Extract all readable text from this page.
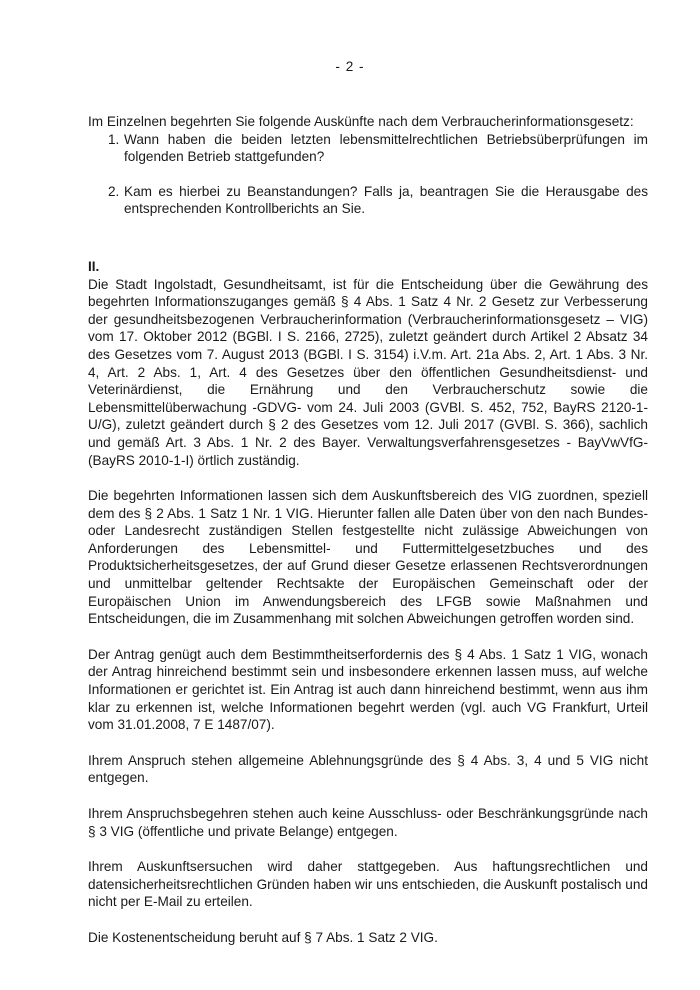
- 2 -

Im Einzelnen begehrten Sie folgende Auskünfte nach dem Verbraucherinformationsgesetz:

1. Wann haben die beiden letzten lebensmittelrechtlichen Betriebsüberprüfungen im folgenden Betrieb stattgefunden?
2. Kam es hierbei zu Beanstandungen? Falls ja, beantragen Sie die Herausgabe des entsprechenden Kontrollberichts an Sie.
II.

Die Stadt Ingolstadt, Gesundheitsamt, ist für die Entscheidung über die Gewährung des begehrten Informationszuganges gemäß § 4 Abs. 1 Satz 4 Nr. 2 Gesetz zur Verbesserung der gesundheitsbezogenen Verbraucherinformation (Verbraucherinformationsgesetz – VIG) vom 17. Oktober 2012 (BGBl. I S. 2166, 2725), zuletzt geändert durch Artikel 2 Absatz 34 des Gesetzes vom 7. August 2013 (BGBl. I S. 3154) i.V.m. Art. 21a Abs. 2, Art. 1 Abs. 3 Nr. 4, Art. 2 Abs. 1, Art. 4 des Gesetzes über den öffentlichen Gesundheitsdienst- und Veterinärdienst, die Ernährung und den Verbraucherschutz sowie die Lebensmittelüberwachung -GDVG- vom 24. Juli 2003 (GVBl. S. 452, 752, BayRS 2120-1-U/G), zuletzt geändert durch § 2 des Gesetzes vom 12. Juli 2017 (GVBl. S. 366), sachlich und gemäß Art. 3 Abs. 1 Nr. 2 des Bayer. Verwaltungsverfahrensgesetzes - BayVwVfG- (BayRS 2010-1-I) örtlich zuständig.

Die begehrten Informationen lassen sich dem Auskunftsbereich des VIG zuordnen, speziell dem des § 2 Abs. 1 Satz 1 Nr. 1 VIG. Hierunter fallen alle Daten über von den nach Bundes- oder Landesrecht zuständigen Stellen festgestellte nicht zulässige Abweichungen von Anforderungen des Lebensmittel- und Futtermittelgesetzbuches und des Produktsicherheitsgesetzes, der auf Grund dieser Gesetze erlassenen Rechtsverordnungen und unmittelbar geltender Rechtsakte der Europäischen Gemeinschaft oder der Europäischen Union im Anwendungsbereich des LFGB sowie Maßnahmen und Entscheidungen, die im Zusammenhang mit solchen Abweichungen getroffen worden sind.

Der Antrag genügt auch dem Bestimmtheitserfordernis des § 4 Abs. 1 Satz 1 VIG, wonach der Antrag hinreichend bestimmt sein und insbesondere erkennen lassen muss, auf welche Informationen er gerichtet ist. Ein Antrag ist auch dann hinreichend bestimmt, wenn aus ihm klar zu erkennen ist, welche Informationen begehrt werden (vgl. auch VG Frankfurt, Urteil vom 31.01.2008, 7 E 1487/07).

Ihrem Anspruch stehen allgemeine Ablehnungsgründe des § 4 Abs. 3, 4 und 5 VIG nicht entgegen.

Ihrem Anspruchsbegehren stehen auch keine Ausschluss- oder Beschränkungsgründe nach § 3 VIG (öffentliche und private Belange) entgegen.

Ihrem Auskunftsersuchen wird daher stattgegeben. Aus haftungsrechtlichen und datensicherheitsrechtlichen Gründen haben wir uns entschieden, die Auskunft postalisch und nicht per E-Mail zu erteilen.

Die Kostenentscheidung beruht auf § 7 Abs. 1 Satz 2 VIG.
